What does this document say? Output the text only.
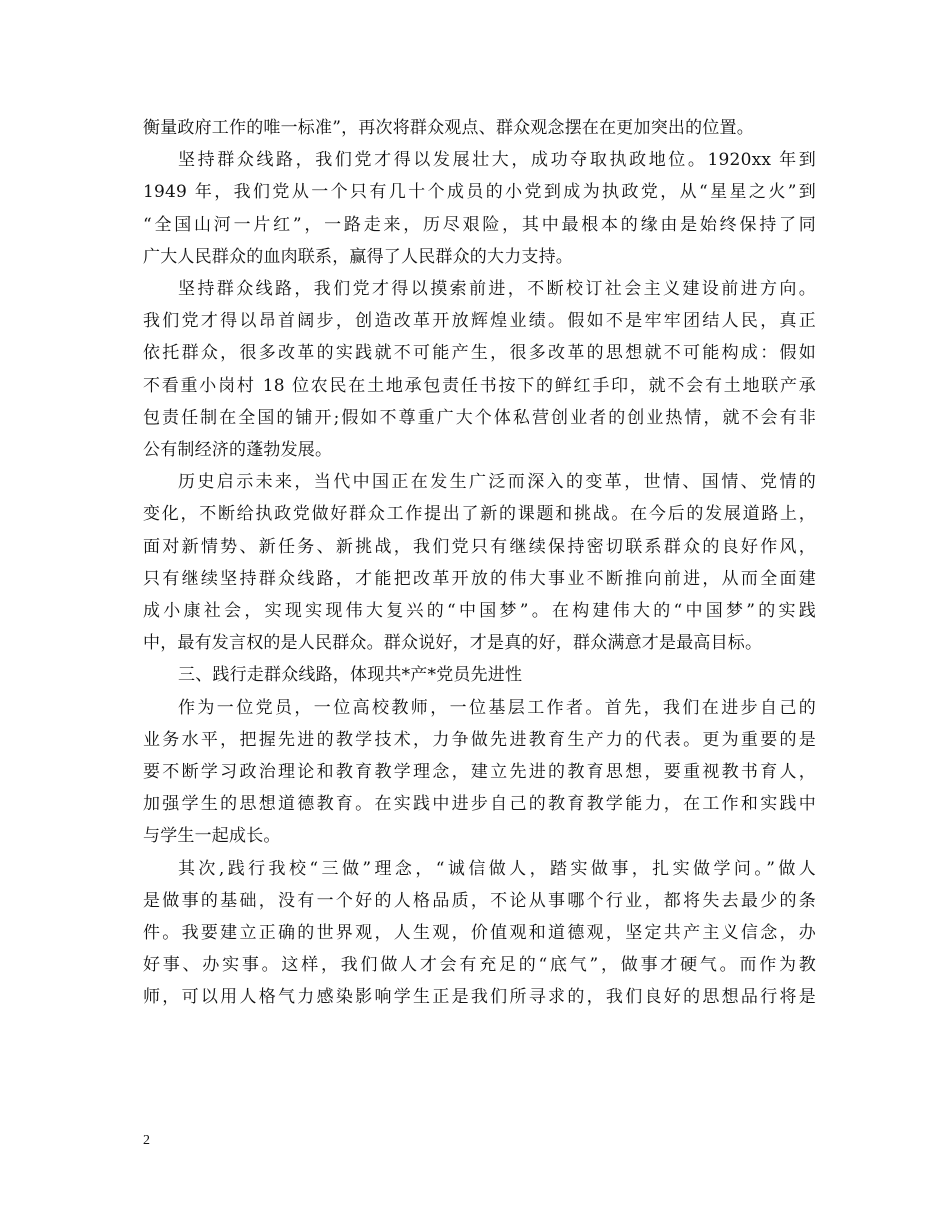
衡量政府工作的唯一标准”，再次将群众观点、群众观念摆在在更加突出的位置。
坚持群众线路，我们党才得以发展壮大，成功夺取执政地位。1920xx 年到
1949 年，我们党从一个只有几十个成员的小党到成为执政党，从“星星之火”到
“全国山河一片红”，一路走来，历尽艰险，其中最根本的缘由是始终保持了同
广大人民群众的血肉联系，赢得了人民群众的大力支持。
坚持群众线路，我们党才得以摸索前进，不断校订社会主义建设前进方向。
我们党才得以昂首阔步，创造改革开放辉煌业绩。假如不是牢牢团结人民，真正
依托群众，很多改革的实践就不可能产生，很多改革的思想就不可能构成：假如
不看重小岗村 18 位农民在土地承包责任书按下的鲜红手印，就不会有土地联产承
包责任制在全国的铺开;假如不尊重广大个体私营创业者的创业热情，就不会有非
公有制经济的蓬勃发展。
历史启示未来，当代中国正在发生广泛而深入的变革，世情、国情、党情的
变化，不断给执政党做好群众工作提出了新的课题和挑战。在今后的发展道路上，
面对新情势、新任务、新挑战，我们党只有继续保持密切联系群众的良好作风，
只有继续坚持群众线路，才能把改革开放的伟大事业不断推向前进，从而全面建
成小康社会，实现实现伟大复兴的“中国梦”。在构建伟大的“中国梦”的实践
中，最有发言权的是人民群众。群众说好，才是真的好，群众满意才是最高目标。
三、践行走群众线路，体现共*产*党员先进性
作为一位党员，一位高校教师，一位基层工作者。首先，我们在进步自己的
业务水平，把握先进的教学技术，力争做先进教育生产力的代表。更为重要的是
要不断学习政治理论和教育教学理念，建立先进的教育思想，要重视教书育人，
加强学生的思想道德教育。在实践中进步自己的教育教学能力，在工作和实践中
与学生一起成长。
其次,践行我校“三做”理念，“诚信做人，踏实做事，扎实做学问。”做人
是做事的基础，没有一个好的人格品质，不论从事哪个行业，都将失去最少的条
件。我要建立正确的世界观，人生观，价值观和道德观，坚定共产主义信念，办
好事、办实事。这样，我们做人才会有充足的“底气”，做事才硬气。而作为教
师，可以用人格气力感染影响学生正是我们所寻求的，我们良好的思想品行将是
2
